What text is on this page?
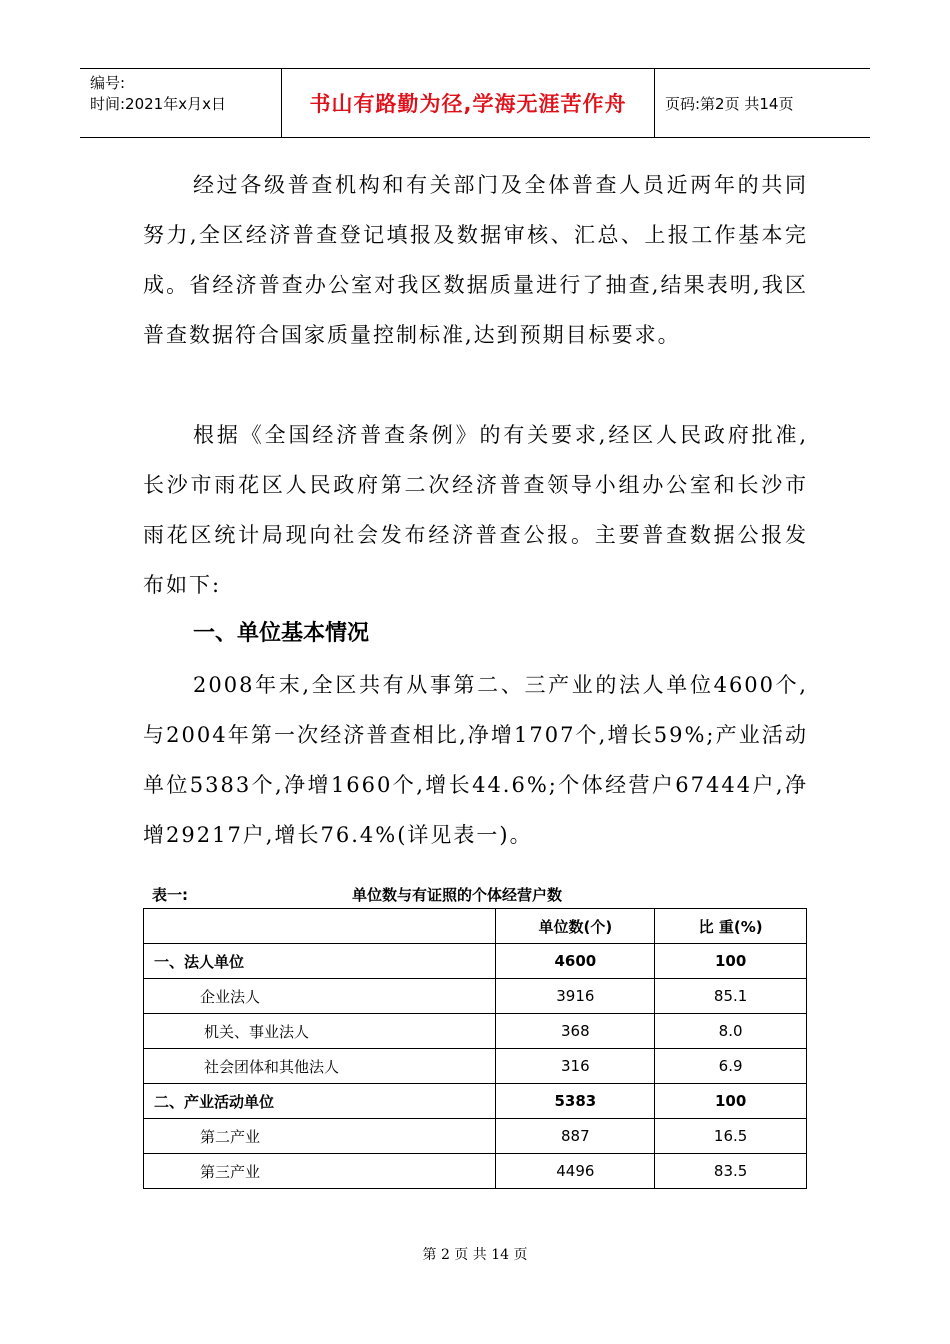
编号:
时间:2021年x月x日	书山有路勤为径,学海无涯苦作舟	页码:第2页 共14页
经过各级普查机构和有关部门及全体普查人员近两年的共同努力,全区经济普查登记填报及数据审核、汇总、上报工作基本完成。省经济普查办公室对我区数据质量进行了抽查,结果表明,我区普查数据符合国家质量控制标准,达到预期目标要求。
根据《全国经济普查条例》的有关要求,经区人民政府批准,长沙市雨花区人民政府第二次经济普查领导小组办公室和长沙市雨花区统计局现向社会发布经济普查公报。主要普查数据公报发布如下:
一、单位基本情况
2008年末,全区共有从事第二、三产业的法人单位4600个,与2004年第一次经济普查相比,净增1707个,增长59%;产业活动单位5383个,净增1660个,增长44.6%;个体经营户67444户,净增29217户,增长76.4%(详见表一)。
表一:	单位数与有证照的个体经营户数
	单位数(个)	比 重(%)
一、法人单位	4600	100
企业法人	3916	85.1
机关、事业法人	368	8.0
社会团体和其他法人	316	6.9
二、产业活动单位	5383	100
第二产业	887	16.5
第三产业	4496	83.5
第 2 页 共 14 页
